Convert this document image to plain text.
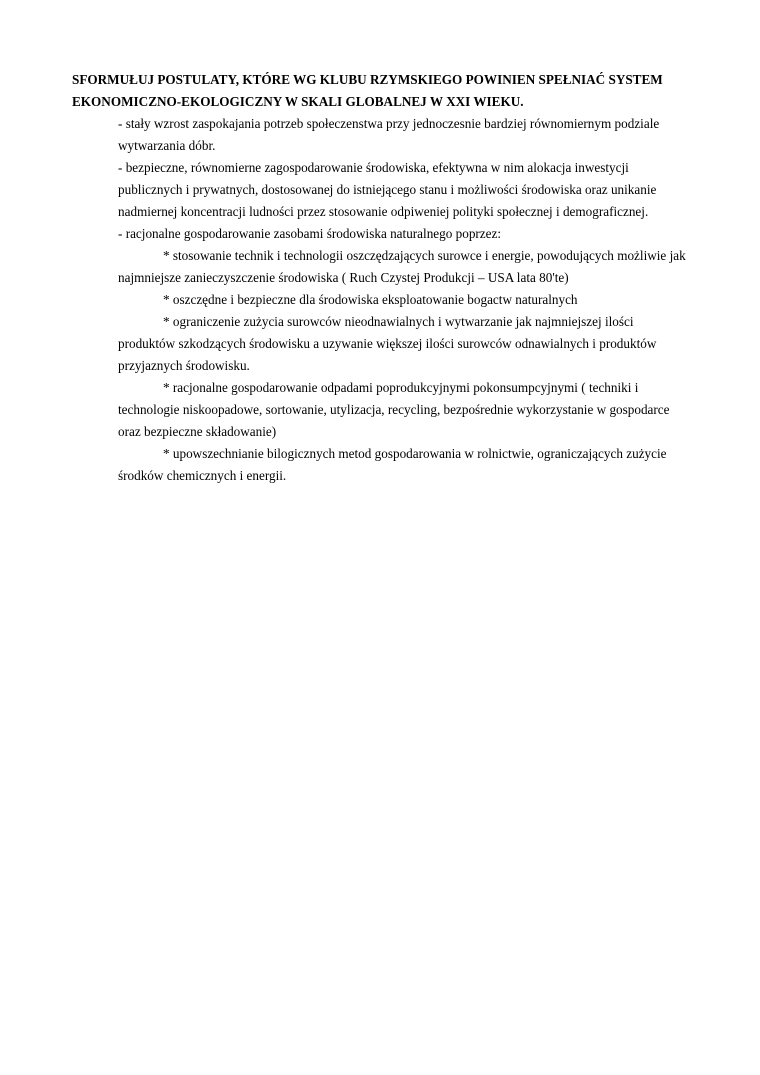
SFORMUŁUJ POSTULATY, KTÓRE WG KLUBU RZYMSKIEGO POWINIEN SPEŁNIAĆ SYSTEM
EKONOMICZNO-EKOLOGICZNY W SKALI GLOBALNEJ W XXI WIEKU.

- stały wzrost zaspokajania potrzeb społeczenstwa przy jednoczesnie bardziej równomiernym podziale wytwarzania dóbr.

- bezpieczne, równomierne zagospodarowanie środowiska, efektywna w nim alokacja inwestycji publicznych i prywatnych, dostosowanej do istniejącego stanu i możliwości środowiska oraz unikanie nadmiernej koncentracji ludności przez stosowanie odpiweniej polityki społecznej i demograficznej.

- racjonalne gospodarowanie zasobami środowiska naturalnego poprzez:

* stosowanie technik i technologii oszczędzających surowce i energie, powodujących możliwie jak najmniejsze zanieczyszczenie środowiska ( Ruch Czystej Produkcji – USA lata 80'te)

* oszczędne i bezpieczne dla środowiska eksploatowanie bogactw naturalnych

* ograniczenie zużycia surowców nieodnawialnych i wytwarzanie jak najmniejszej ilości produktów szkodzących środowisku a uzywanie większej ilości surowców odnawialnych i produktów przyjaznych środowisku.

* racjonalne gospodarowanie odpadami poprodukcyjnymi pokonsumpcyjnymi ( techniki i technologie niskoopadowe, sortowanie, utylizacja, recycling, bezpośrednie wykorzystanie w gospodarce oraz bezpieczne składowanie)

* upowszechnianie bilogicznych metod gospodarowania w rolnictwie, ograniczających zużycie środków chemicznych i energii.
